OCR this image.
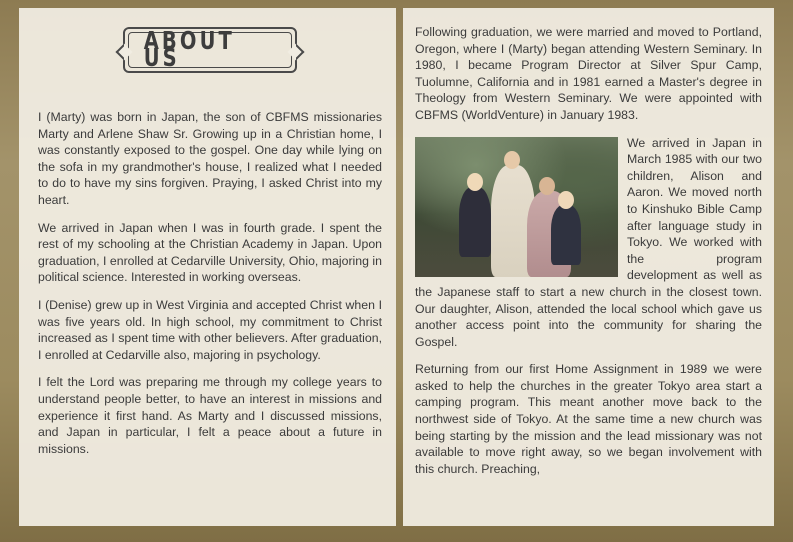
ABOUT US

I (Marty) was born in Japan, the son of CBFMS missionaries Marty and Arlene Shaw Sr. Growing up in a Christian home, I was constantly exposed to the gospel. One day while lying on the sofa in my grandmother's house, I realized what I needed to do to have my sins forgiven. Praying, I asked Christ into my heart.

We arrived in Japan when I was in fourth grade. I spent the rest of my schooling at the Christian Academy in Japan. Upon graduation, I enrolled at Cedarville University, Ohio, majoring in political science. Interested in working overseas.

I (Denise) grew up in West Virginia and accepted Christ when I was five years old. In high school, my commitment to Christ increased as I spent time with other believers. After graduation, I enrolled at Cedarville also, majoring in psychology.

I felt the Lord was preparing me through my college years to understand people better, to have an interest in missions and experience it first hand. As Marty and I discussed missions, and Japan in particular, I felt a peace about a future in missions.

Following graduation, we were married and moved to Portland, Oregon, where I (Marty) began attending Western Seminary. In 1980, I became Program Director at Silver Spur Camp, Tuolumne, California and in 1981 earned a Master's degree in Theology from Western Seminary. We were appointed with CBFMS (WorldVenture) in January 1983.

We arrived in Japan in March 1985 with our two children, Alison and Aaron. We moved north to Kinshuko Bible Camp after language study in Tokyo. We worked with the program development as well as the Japanese staff to start a new church in the closest town. Our daughter, Alison, attended the local school which gave us another access point into the community for sharing the Gospel.

Returning from our first Home Assignment in 1989 we were asked to help the churches in the greater Tokyo area start a camping program. This meant another move back to the northwest side of Tokyo. At the same time a new church was being starting by the mission and the lead missionary was not available to move right away, so we began involvement with this church. Preaching,
